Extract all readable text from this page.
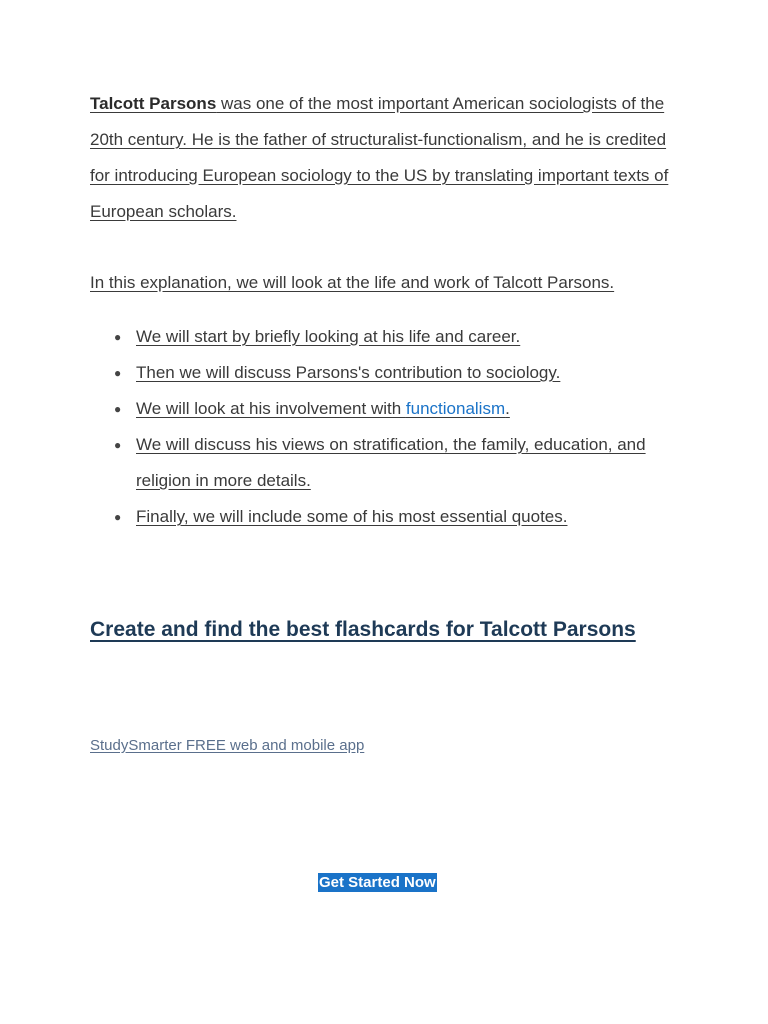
Talcott Parsons was one of the most important American sociologists of the 20th century. He is the father of structuralist-functionalism, and he is credited for introducing European sociology to the US by translating important texts of European scholars.

In this explanation, we will look at the life and work of Talcott Parsons.

● We will start by briefly looking at his life and career.
● Then we will discuss Parsons's contribution to sociology.
● We will look at his involvement with functionalism.
● We will discuss his views on stratification, the family, education, and religion in more details.
● Finally, we will include some of his most essential quotes.
Create and find the best flashcards for Talcott Parsons
StudySmarter FREE web and mobile app
Get Started Now
